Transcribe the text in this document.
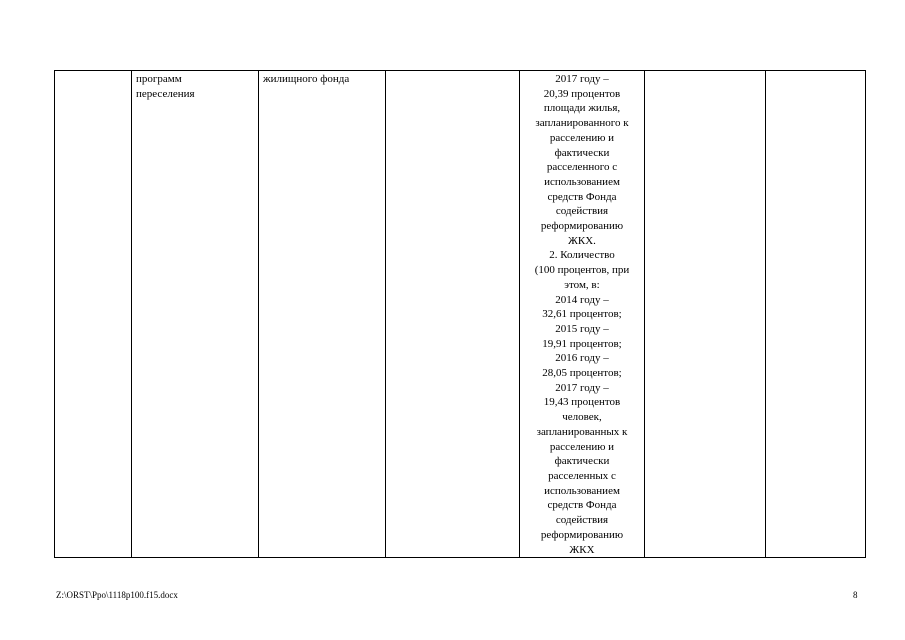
	программ
переселения	жилищного фонда		2017 году –
20,39 процентов
площади жилья,
запланированного к
расселению и
фактически
расселенного с
использованием
средств Фонда
содействия
реформированию
ЖКХ.
2. Количество
(100 процентов, при
этом, в:
2014 году –
32,61 процентов;
2015 году –
19,91 процентов;
2016 году –
28,05 процентов;
2017 году –
19,43 процентов
человек,
запланированных к
расселению и
фактически
расселенных с
использованием
средств Фонда
содействия
реформированию
ЖКХ		
Z:\ORST\Ppo\1118p100.f15.docx	8
